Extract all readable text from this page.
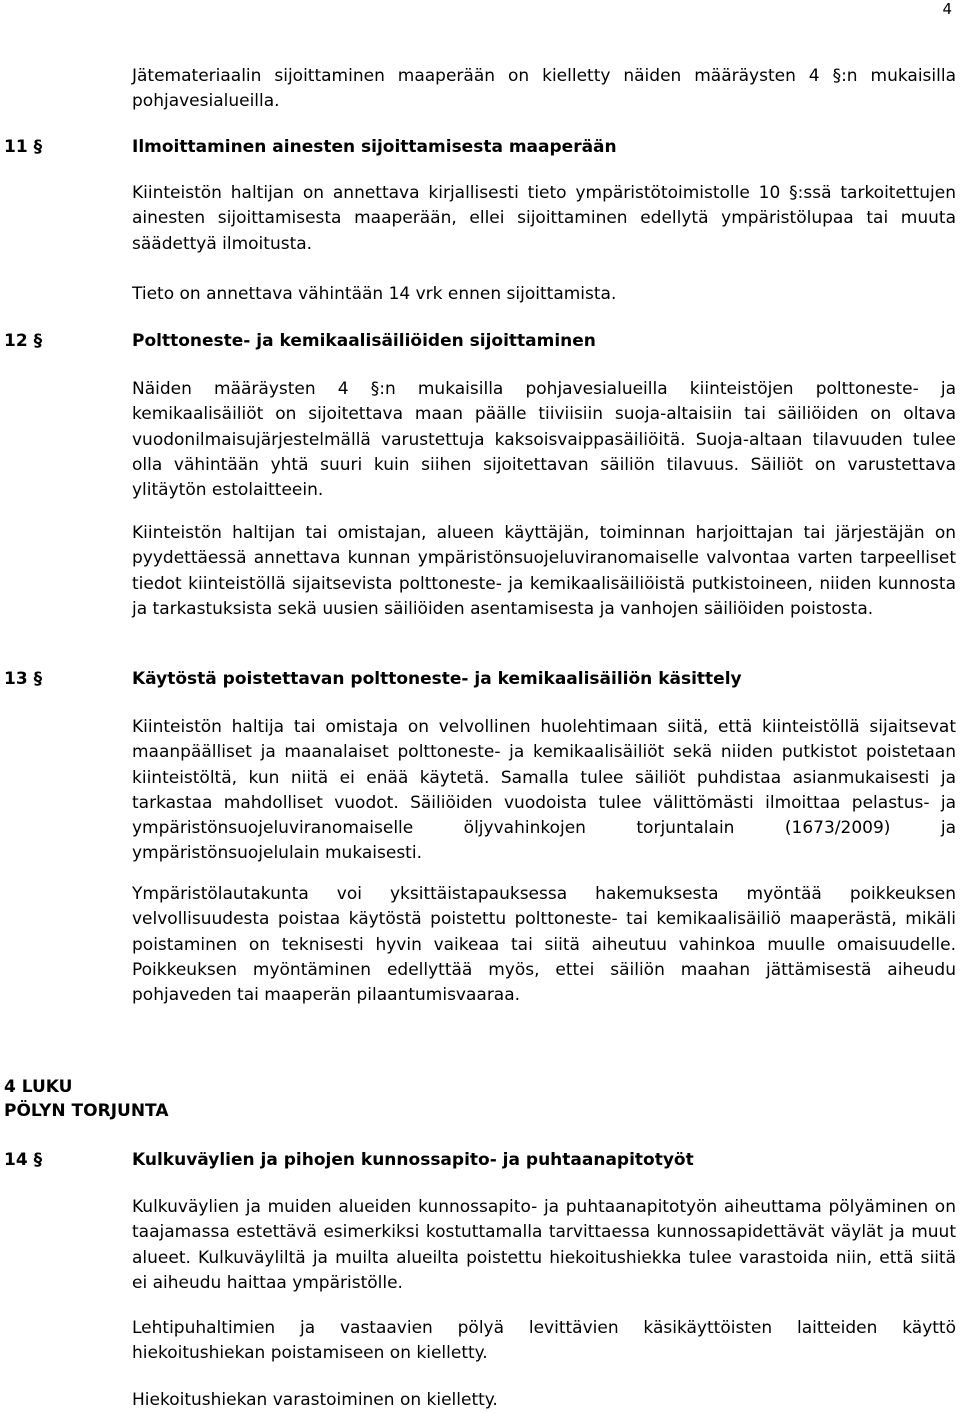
4

Jätemateriaalin sijoittaminen maaperään on kielletty näiden määräysten 4 §:n mukaisilla pohjavesialueilla.

11 §	Ilmoittaminen ainesten sijoittamisesta maaperään

Kiinteistön haltijan on annettava kirjallisesti tieto ympäristötoimistolle 10 §:ssä tarkoitettujen ainesten sijoittamisesta maaperään, ellei sijoittaminen edellytä ympäristölupaa tai muuta säädettyä ilmoitusta.

Tieto on annettava vähintään 14 vrk ennen sijoittamista.

12 §	Polttoneste- ja kemikaalisäiliöiden sijoittaminen

Näiden määräysten 4 §:n mukaisilla pohjavesialueilla kiinteistöjen polttoneste- ja kemikaalisäiliöt on sijoitettava maan päälle tiiviisiin suoja-altaisiin tai säiliöiden on oltava vuodonilmaisujärjestelmällä varustettuja kaksoisvaippasäiliöitä. Suoja-altaan tilavuuden tulee olla vähintään yhtä suuri kuin siihen sijoitettavan säiliön tilavuus. Säiliöt on varustettava ylitäytön estolaitteein.

Kiinteistön haltijan tai omistajan, alueen käyttäjän, toiminnan harjoittajan tai järjestäjän on pyydettäessä annettava kunnan ympäristönsuojeluviranomaiselle valvontaa varten tarpeelliset tiedot kiinteistöllä sijaitsevista polttoneste- ja kemikaalisäiliöistä putkistoineen, niiden kunnosta ja tarkastuksista sekä uusien säiliöiden asentamisesta ja vanhojen säiliöiden poistosta.

13 §	Käytöstä poistettavan polttoneste- ja kemikaalisäiliön käsittely

Kiinteistön haltija tai omistaja on velvollinen huolehtimaan siitä, että kiinteistöllä sijaitsevat maanpäälliset ja maanalaiset polttoneste- ja kemikaalisäiliöt sekä niiden putkistot poistetaan kiinteistöltä, kun niitä ei enää käytetä. Samalla tulee säiliöt puhdistaa asianmukaisesti ja tarkastaa mahdolliset vuodot. Säiliöiden vuodoista tulee välittömästi ilmoittaa pelastus- ja ympäristönsuojeluviranomaiselle öljyvahinkojen torjuntalain (1673/2009) ja ympäristönsuojelulain mukaisesti.

Ympäristölautakunta voi yksittäistapauksessa hakemuksesta myöntää poikkeuksen velvollisuudesta poistaa käytöstä poistettu polttoneste- tai kemikaalisäiliö maaperästä, mikäli poistaminen on teknisesti hyvin vaikeaa tai siitä aiheutuu vahinkoa muulle omaisuudelle. Poikkeuksen myöntäminen edellyttää myös, ettei säiliön maahan jättämisestä aiheudu pohjaveden tai maaperän pilaantumisvaaraa.

4 LUKU
PÖLYN TORJUNTA
14 §	Kulkuväylien ja pihojen kunnossapito- ja puhtaanapitotyöt

Kulkuväylien ja muiden alueiden kunnossapito- ja puhtaanapitotyön aiheuttama pölyäminen on taajamassa estettävä esimerkiksi kostuttamalla tarvittaessa kunnossapidettävät väylät ja muut alueet. Kulkuväyliltä ja muilta alueilta poistettu hiekoitushiekka tulee varastoida niin, että siitä ei aiheudu haittaa ympäristölle.

Lehtipuhaltimien ja vastaavien pölyä levittävien käsikäyttöisten laitteiden käyttö hiekoitushiekan poistamiseen on kielletty.

Hiekoitushiekan varastoiminen on kielletty.
